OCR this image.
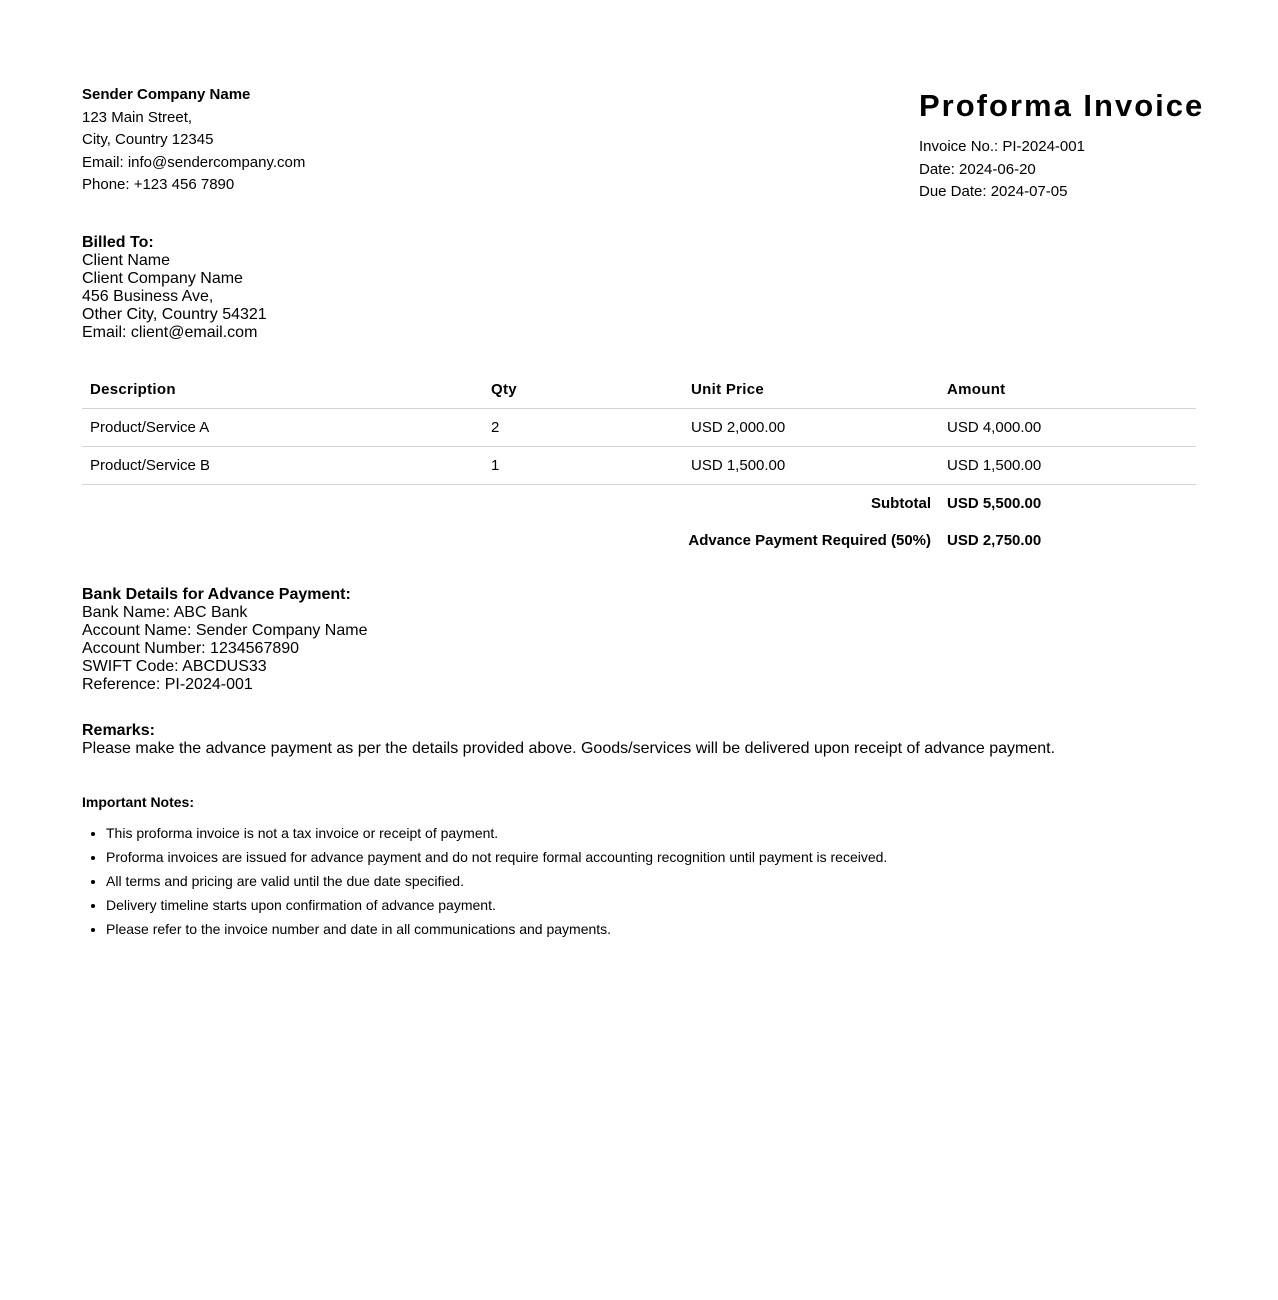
Sender Company Name
123 Main Street,
City, Country 12345
Email: info@sendercompany.com
Phone: +123 456 7890
Proforma Invoice
Invoice No.: PI-2024-001
Date: 2024-06-20
Due Date: 2024-07-05
Billed To:
Client Name
Client Company Name
456 Business Ave,
Other City, Country 54321
Email: client@email.com
Description	Qty	Unit Price	Amount
Product/Service A	2	USD 2,000.00	USD 4,000.00
Product/Service B	1	USD 1,500.00	USD 1,500.00
Subtotal			USD 5,500.00
Advance Payment Required (50%)			USD 2,750.00
Bank Details for Advance Payment:
Bank Name: ABC Bank
Account Name: Sender Company Name
Account Number: 1234567890
SWIFT Code: ABCDUS33
Reference: PI-2024-001
Remarks:
Please make the advance payment as per the details provided above. Goods/services will be delivered upon receipt of advance payment.
Important Notes:
• This proforma invoice is not a tax invoice or receipt of payment.
• Proforma invoices are issued for advance payment and do not require formal accounting recognition until payment is received.
• All terms and pricing are valid until the due date specified.
• Delivery timeline starts upon confirmation of advance payment.
• Please refer to the invoice number and date in all communications and payments.
